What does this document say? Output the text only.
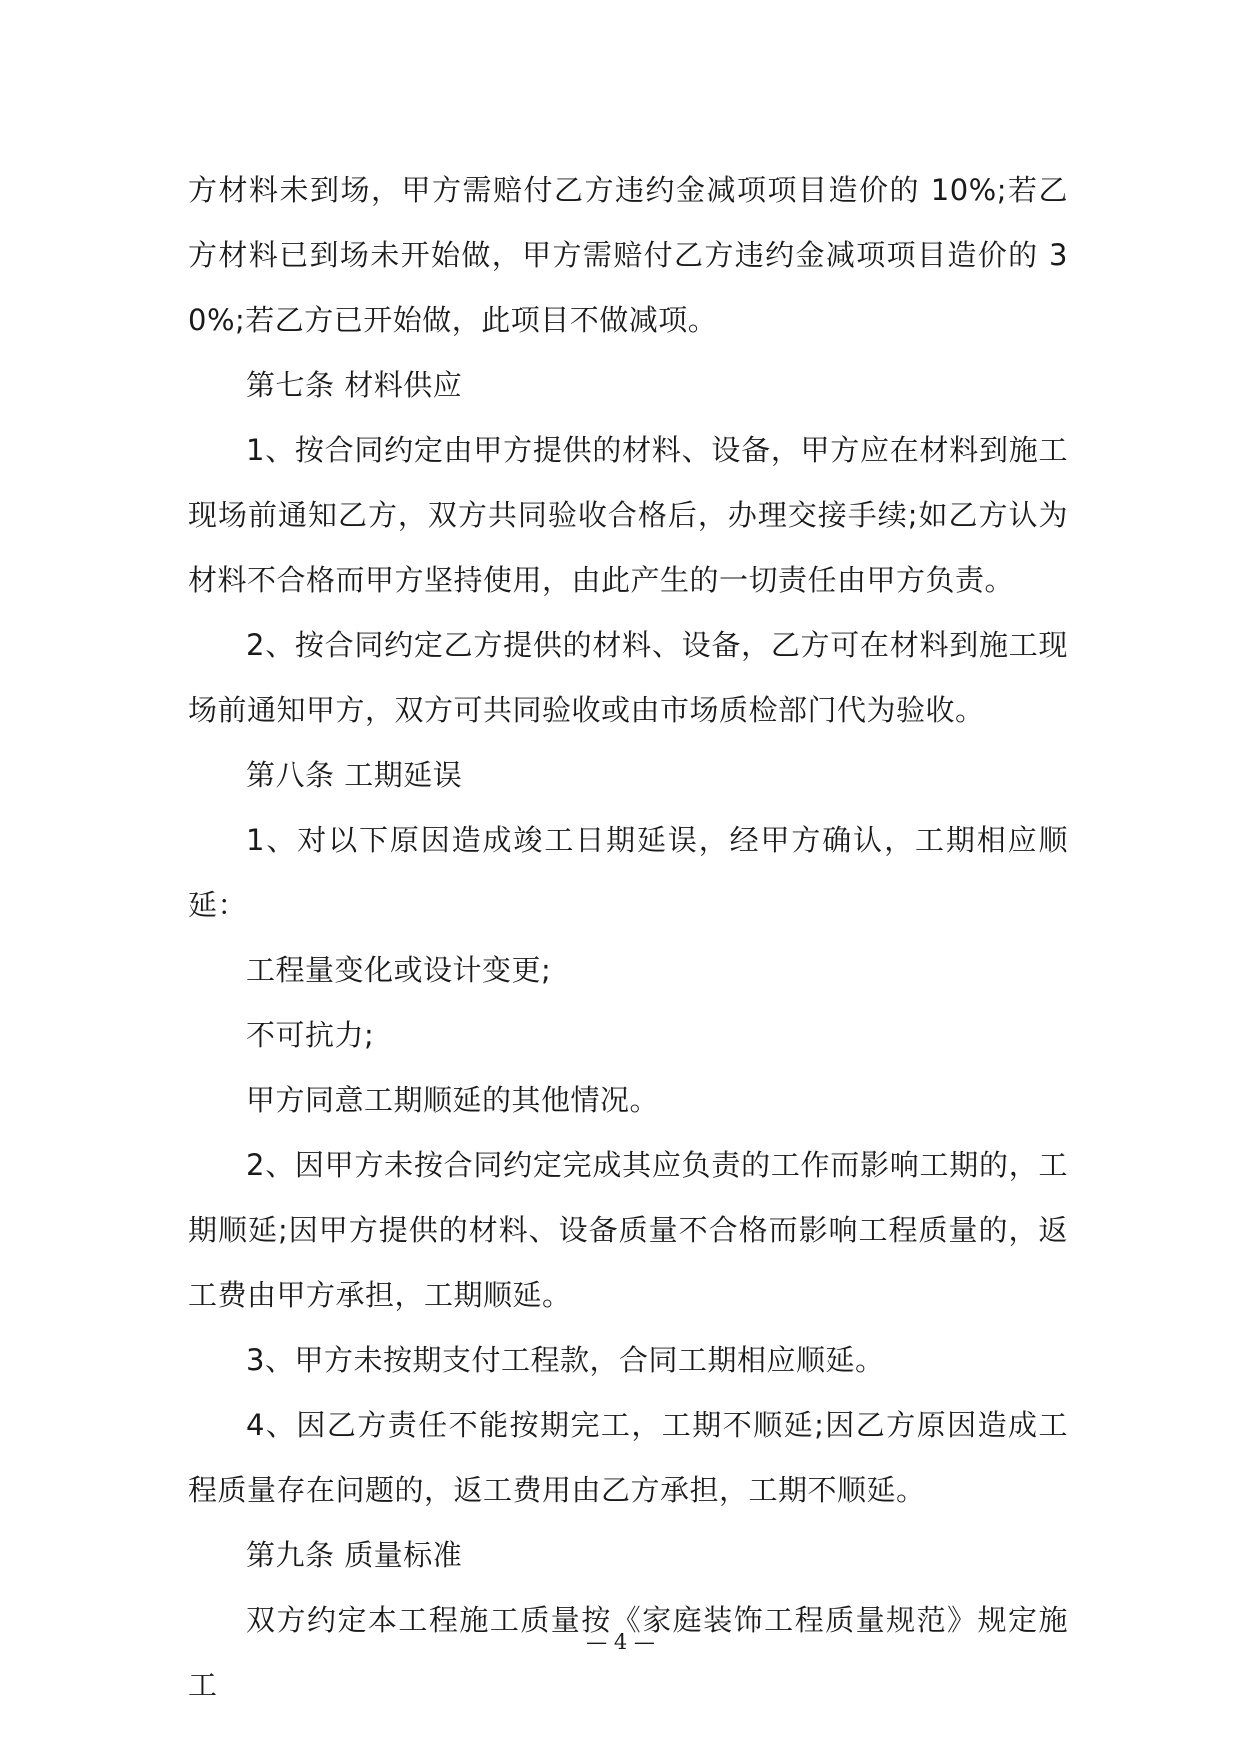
方材料未到场，甲方需赔付乙方违约金减项项目造价的 10%;若乙方材料已到场未开始做，甲方需赔付乙方违约金减项项目造价的 30%;若乙方已开始做，此项目不做减项。

第七条 材料供应

1、按合同约定由甲方提供的材料、设备，甲方应在材料到施工现场前通知乙方，双方共同验收合格后，办理交接手续;如乙方认为材料不合格而甲方坚持使用，由此产生的一切责任由甲方负责。

2、按合同约定乙方提供的材料、设备，乙方可在材料到施工现场前通知甲方，双方可共同验收或由市场质检部门代为验收。

第八条 工期延误

1、对以下原因造成竣工日期延误，经甲方确认，工期相应顺延：

工程量变化或设计变更;

不可抗力;

甲方同意工期顺延的其他情况。

2、因甲方未按合同约定完成其应负责的工作而影响工期的，工期顺延;因甲方提供的材料、设备质量不合格而影响工程质量的，返工费由甲方承担，工期顺延。

3、甲方未按期支付工程款，合同工期相应顺延。

4、因乙方责任不能按期完工，工期不顺延;因乙方原因造成工程质量存在问题的，返工费用由乙方承担，工期不顺延。

第九条 质量标准

双方约定本工程施工质量按《家庭装饰工程质量规范》规定施工

— 4 —
